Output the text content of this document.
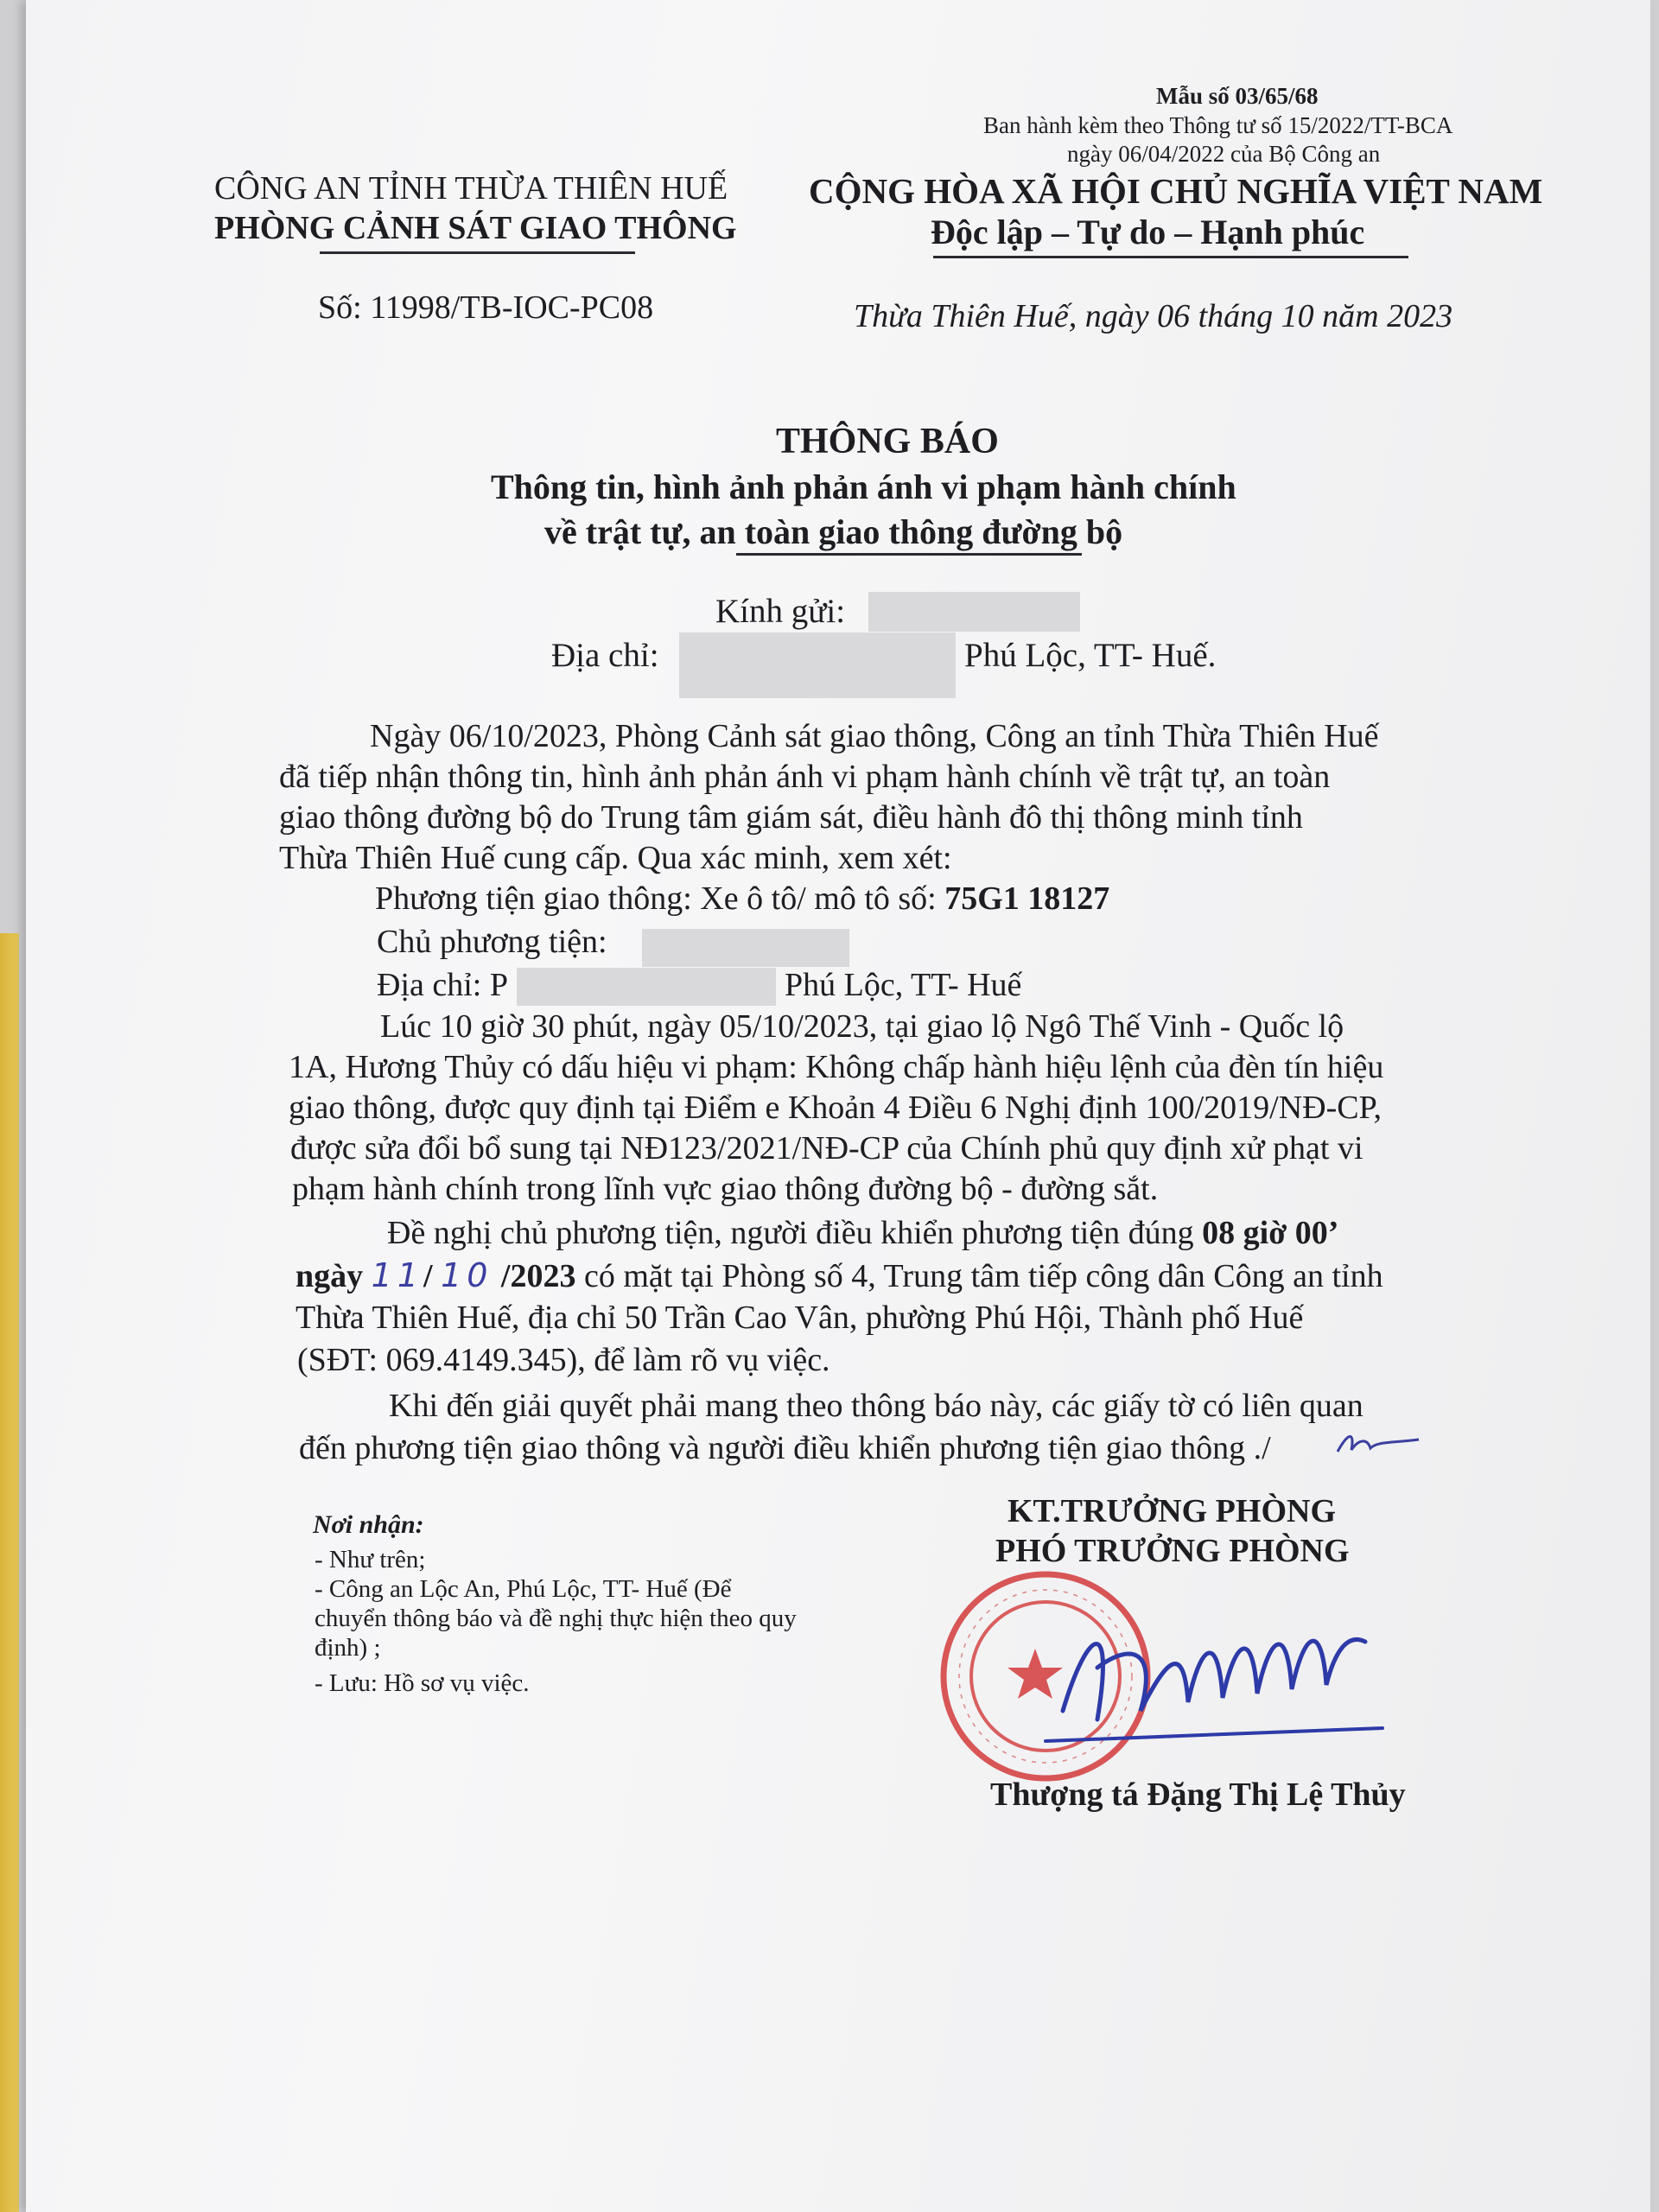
Mẫu số 03/65/68
Ban hành kèm theo Thông tư số 15/2022/TT-BCA
ngày 06/04/2022 của Bộ Công an
CÔNG AN TỈNH THỪA THIÊN HUẾ
PHÒNG CẢNH SÁT GIAO THÔNG
Số: 11998/TB-IOC-PC08
CỘNG HÒA XÃ HỘI CHỦ NGHĨA VIỆT NAM
Độc lập – Tự do – Hạnh phúc
Thừa Thiên Huế, ngày 06 tháng 10 năm 2023
THÔNG BÁO
Thông tin, hình ảnh phản ánh vi phạm hành chính
về trật tự, an toàn giao thông đường bộ
Kính gửi:
Địa chỉ:	Phú Lộc, TT- Huế.
Ngày 06/10/2023, Phòng Cảnh sát giao thông, Công an tỉnh Thừa Thiên Huế
đã tiếp nhận thông tin, hình ảnh phản ánh vi phạm hành chính về trật tự, an toàn
giao thông đường bộ do Trung tâm giám sát, điều hành đô thị thông minh tỉnh
Thừa Thiên Huế cung cấp. Qua xác minh, xem xét:
Phương tiện giao thông: Xe ô tô/ mô tô số: 75G1 18127
Chủ phương tiện:
Địa chỉ: P	Phú Lộc, TT- Huế
Lúc 10 giờ 30 phút, ngày 05/10/2023, tại giao lộ Ngô Thế Vinh - Quốc lộ
1A, Hương Thủy có dấu hiệu vi phạm: Không chấp hành hiệu lệnh của đèn tín hiệu
giao thông, được quy định tại Điểm e Khoản 4 Điều 6 Nghị định 100/2019/NĐ-CP,
được sửa đổi bổ sung tại NĐ123/2021/NĐ-CP của Chính phủ quy định xử phạt vi
phạm hành chính trong lĩnh vực giao thông đường bộ - đường sắt.
Đề nghị chủ phương tiện, người điều khiển phương tiện đúng 08 giờ 00’
ngày 11/ 10 /2023 có mặt tại Phòng số 4, Trung tâm tiếp công dân Công an tỉnh
Thừa Thiên Huế, địa chỉ 50 Trần Cao Vân, phường Phú Hội, Thành phố Huế
(SĐT: 069.4149.345), để làm rõ vụ việc.
Khi đến giải quyết phải mang theo thông báo này, các giấy tờ có liên quan
đến phương tiện giao thông và người điều khiển phương tiện giao thông ./
Nơi nhận:
- Như trên;
- Công an Lộc An, Phú Lộc, TT- Huế (Để
chuyển thông báo và đề nghị thực hiện theo quy
định) ;
- Lưu: Hồ sơ vụ việc.
KT.TRƯỞNG PHÒNG
PHÓ TRƯỞNG PHÒNG
Thượng tá Đặng Thị Lệ Thủy
